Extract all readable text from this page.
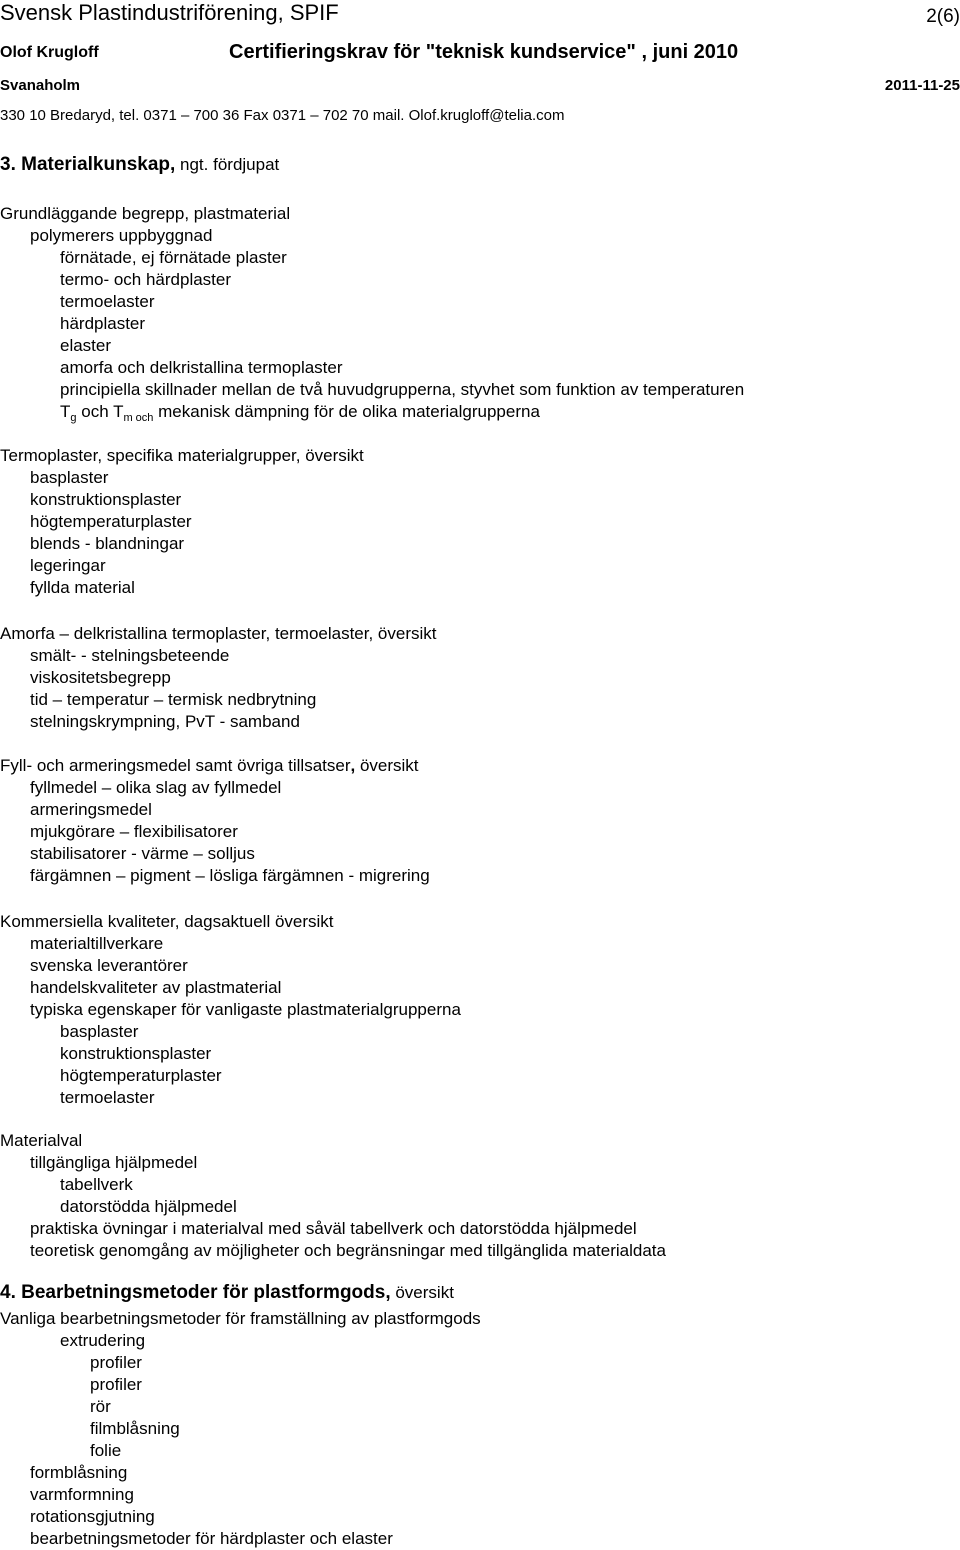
Svensk Plastindustriförening, SPIF	2(6)
Olof Krugloff	Certifieringskrav för "teknisk kundservice" , juni 2010
Svanaholm	2011-11-25
330 10 Bredaryd, tel. 0371 – 700 36 Fax 0371 – 702 70 mail. Olof.krugloff@telia.com
3. Materialkunskap, ngt. fördjupat
Grundläggande begrepp, plastmaterial
polymerers uppbyggnad
förnätade, ej förnätade plaster
termo- och härdplaster
termoelaster
härdplaster
elaster
amorfa och delkristallina termoplaster
principiella skillnader mellan de två huvudgrupperna, styvhet som funktion av temperaturen
$T_g$ och $T_{m och}$ mekanisk dämpning för de olika materialgrupperna
Termoplaster, specifika materialgrupper, översikt
basplaster
konstruktionsplaster
högtemperaturplaster
blends - blandningar
legeringar
fyllda material
Amorfa – delkristallina termoplaster, termoelaster, översikt
smält- - stelningsbeteende
viskositetsbegrepp
tid – temperatur – termisk nedbrytning
stelningskrympning, PvT - samband
Fyll- och armeringsmedel samt övriga tillsatser, översikt
fyllmedel – olika slag av fyllmedel
armeringsmedel
mjukgörare – flexibilisatorer
stabilisatorer - värme – solljus
färgämnen – pigment – lösliga färgämnen - migrering
Kommersiella kvaliteter, dagsaktuell översikt
materialtillverkare
svenska leverantörer
handelskvaliteter av plastmaterial
typiska egenskaper för vanligaste plastmaterialgrupperna
basplaster
konstruktionsplaster
högtemperaturplaster
termoelaster
Materialval
tillgängliga hjälpmedel
tabellverk
datorstödda hjälpmedel
praktiska övningar i materialval med såväl tabellverk och datorstödda hjälpmedel
teoretisk genomgång av möjligheter och begränsningar med tillgänglida materialdata
4. Bearbetningsmetoder för plastformgods, översikt
Vanliga bearbetningsmetoder för framställning av plastformgods
extrudering
profiler
profiler
rör
filmblåsning
folie
formblåsning
varmformning
rotationsgjutning
bearbetningsmetoder för härdplaster och elaster
